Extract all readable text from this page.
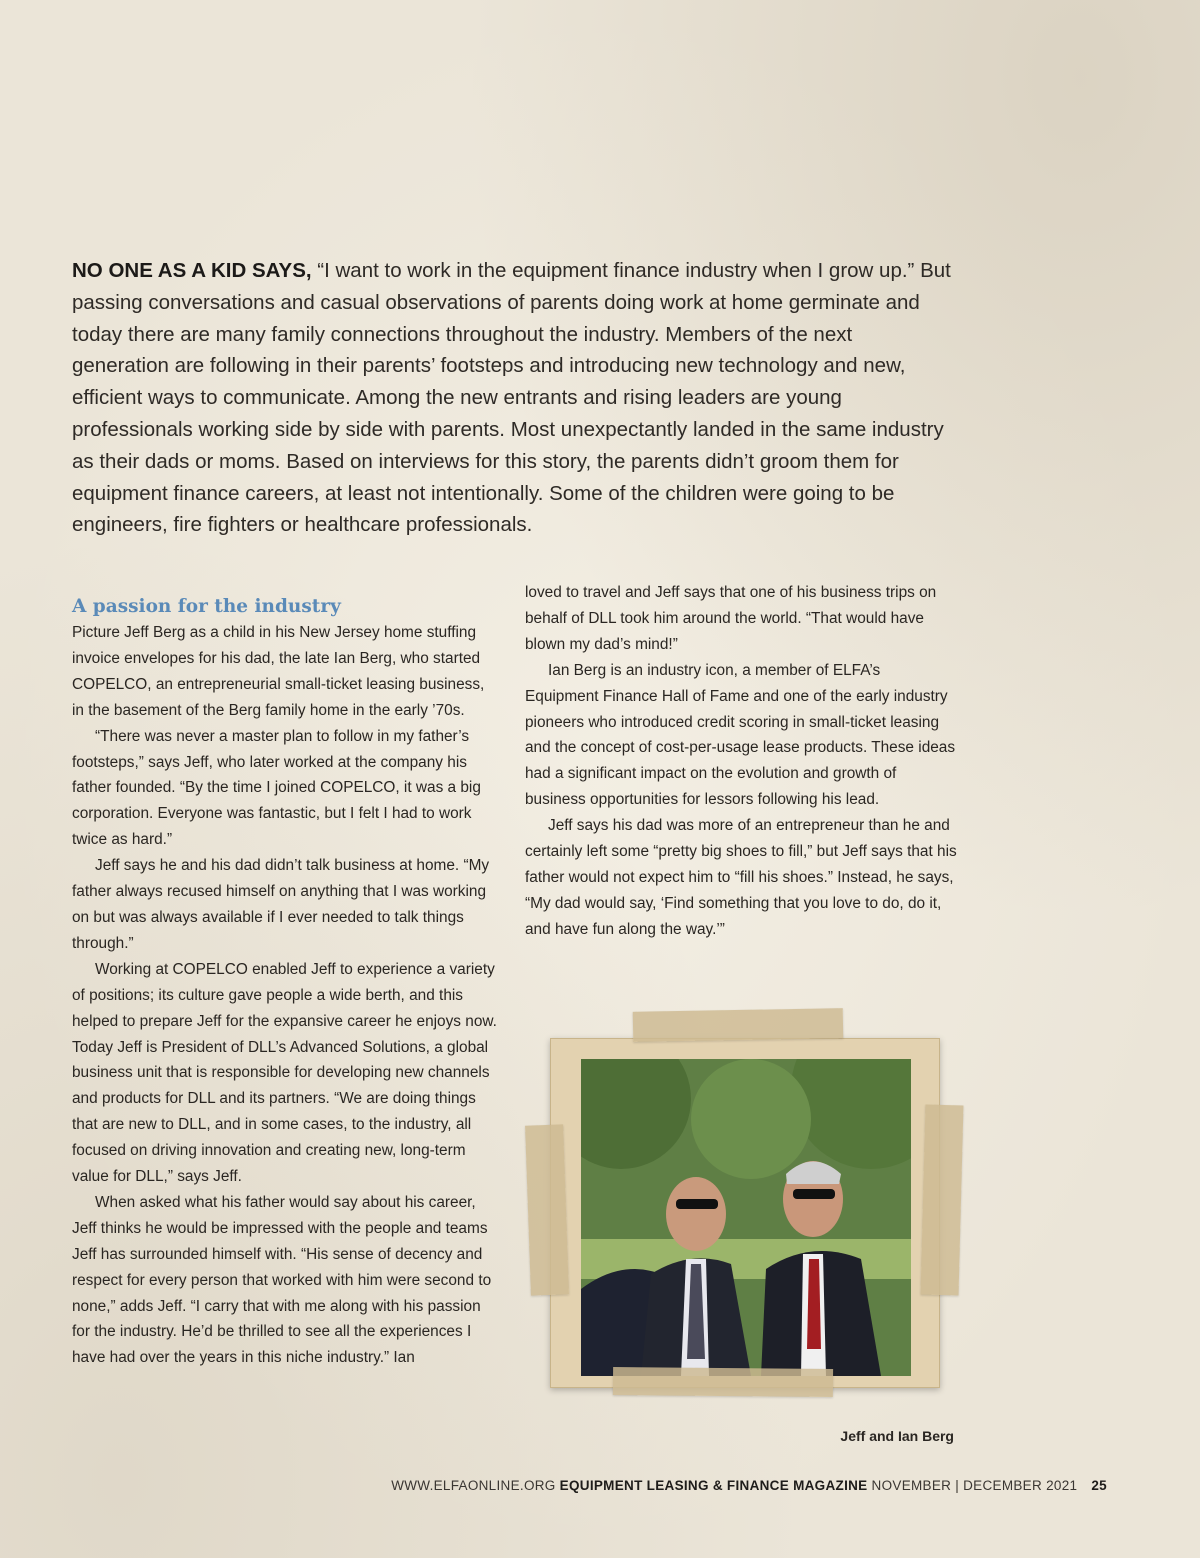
NO ONE AS A KID SAYS, “I want to work in the equipment finance industry when I grow up.” But passing conversations and casual observations of parents doing work at home germinate and today there are many family connections throughout the industry. Members of the next generation are following in their parents’ footsteps and introducing new technology and new, efficient ways to communicate. Among the new entrants and rising leaders are young professionals working side by side with parents. Most unexpectantly landed in the same industry as their dads or moms. Based on interviews for this story, the parents didn’t groom them for equipment finance careers, at least not intentionally. Some of the children were going to be engineers, fire fighters or healthcare professionals.

A passion for the industry

Picture Jeff Berg as a child in his New Jersey home stuffing invoice envelopes for his dad, the late Ian Berg, who started COPELCO, an entrepreneurial small-ticket leasing business, in the basement of the Berg family home in the early ’70s.

“There was never a master plan to follow in my father’s footsteps,” says Jeff, who later worked at the company his father founded. “By the time I joined COPELCO, it was a big corporation. Everyone was fantastic, but I felt I had to work twice as hard.”

Jeff says he and his dad didn’t talk business at home. “My father always recused himself on anything that I was working on but was always available if I ever needed to talk things through.”

Working at COPELCO enabled Jeff to experience a variety of positions; its culture gave people a wide berth, and this helped to prepare Jeff for the expansive career he enjoys now. Today Jeff is President of DLL’s Advanced Solutions, a global business unit that is responsible for developing new channels and products for DLL and its partners. “We are doing things that are new to DLL, and in some cases, to the industry, all focused on driving innovation and creating new, long-term value for DLL,” says Jeff.

When asked what his father would say about his career, Jeff thinks he would be impressed with the people and teams Jeff has surrounded himself with. “His sense of decency and respect for every person that worked with him were second to none,” adds Jeff. “I carry that with me along with his passion for the industry. He’d be thrilled to see all the experiences I have had over the years in this niche industry.” Ian

loved to travel and Jeff says that one of his business trips on behalf of DLL took him around the world. “That would have blown my dad’s mind!”

Ian Berg is an industry icon, a member of ELFA’s Equipment Finance Hall of Fame and one of the early industry pioneers who introduced credit scoring in small-ticket leasing and the concept of cost-per-usage lease products. These ideas had a significant impact on the evolution and growth of business opportunities for lessors following his lead.

Jeff says his dad was more of an entrepreneur than he and certainly left some “pretty big shoes to fill,” but Jeff says that his father would not expect him to “fill his shoes.” Instead, he says, “My dad would say, ‘Find something that you love to do, do it, and have fun along the way.’”

Jeff and Ian Berg
WWW.ELFAONLINE.ORG EQUIPMENT LEASING & FINANCE MAGAZINE NOVEMBER | DECEMBER 2021 25
